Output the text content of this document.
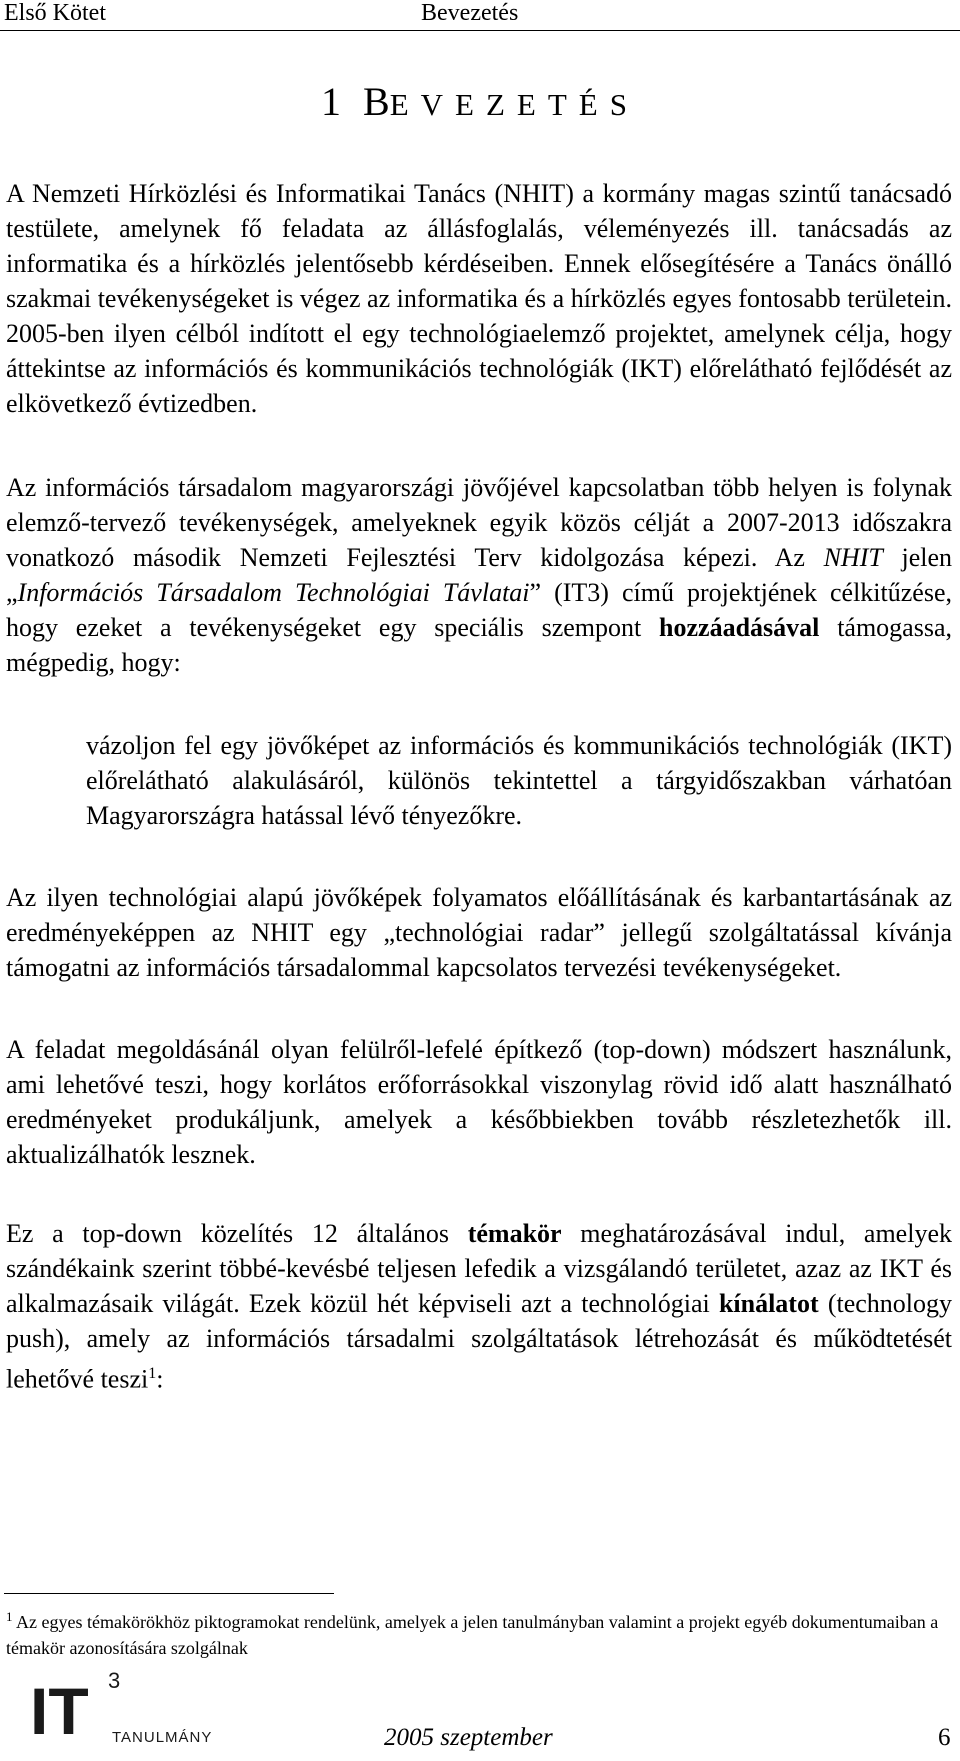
Első Kötet	Bevezetés
1 BEVEZETÉS

A Nemzeti Hírközlési és Informatikai Tanács (NHIT) a kormány magas szintű tanácsadó testülete, amelynek fő feladata az állásfoglalás, véleményezés ill. tanácsadás az informatika és a hírközlés jelentősebb kérdéseiben. Ennek elősegítésére a Tanács önálló szakmai tevékenységeket is végez az informatika és a hírközlés egyes fontosabb területein. 2005-ben ilyen célból indított el egy technológiaelemző projektet, amelynek célja, hogy áttekintse az információs és kommunikációs technológiák (IKT) előrelátható fejlődését az elkövetkező évtizedben.

Az információs társadalom magyarországi jövőjével kapcsolatban több helyen is folynak elemző-tervező tevékenységek, amelyeknek egyik közös célját a 2007-2013 időszakra vonatkozó második Nemzeti Fejlesztési Terv kidolgozása képezi. Az NHIT jelen „Információs Társadalom Technológiai Távlatai” (IT3) című projektjének célkitűzése, hogy ezeket a tevékenységeket egy speciális szempont hozzáadásával támogassa, mégpedig, hogy:

vázoljon fel egy jövőképet az információs és kommunikációs technológiák (IKT) előrelátható alakulásáról, különös tekintettel a tárgyidőszakban várhatóan Magyarországra hatással lévő tényezőkre.

Az ilyen technológiai alapú jövőképek folyamatos előállításának és karbantartásának az eredményeképpen az NHIT egy „technológiai radar” jellegű szolgáltatással kívánja támogatni az információs társadalommal kapcsolatos tervezési tevékenységeket.

A feladat megoldásánál olyan felülről-lefelé építkező (top-down) módszert használunk, ami lehetővé teszi, hogy korlátos erőforrásokkal viszonylag rövid idő alatt használható eredményeket produkáljunk, amelyek a későbbiekben tovább részletezhetők ill. aktualizálhatók lesznek.

Ez a top-down közelítés 12 általános témakör meghatározásával indul, amelyek szándékaink szerint többé-kevésbé teljesen lefedik a vizsgálandó területet, azaz az IKT és alkalmazásaik világát. Ezek közül hét képviseli azt a technológiai kínálatot (technology push), amely az információs társadalmi szolgáltatások létrehozását és működtetését lehetővé teszi$^1$:

$^1$ Az egyes témakörökhöz piktogramokat rendelünk, amelyek a jelen tanulmányban valamint a projekt egyéb dokumentumaiban a témakör azonosítására szolgálnak
IT 3
TANULMÁNY	2005 szeptember	6
